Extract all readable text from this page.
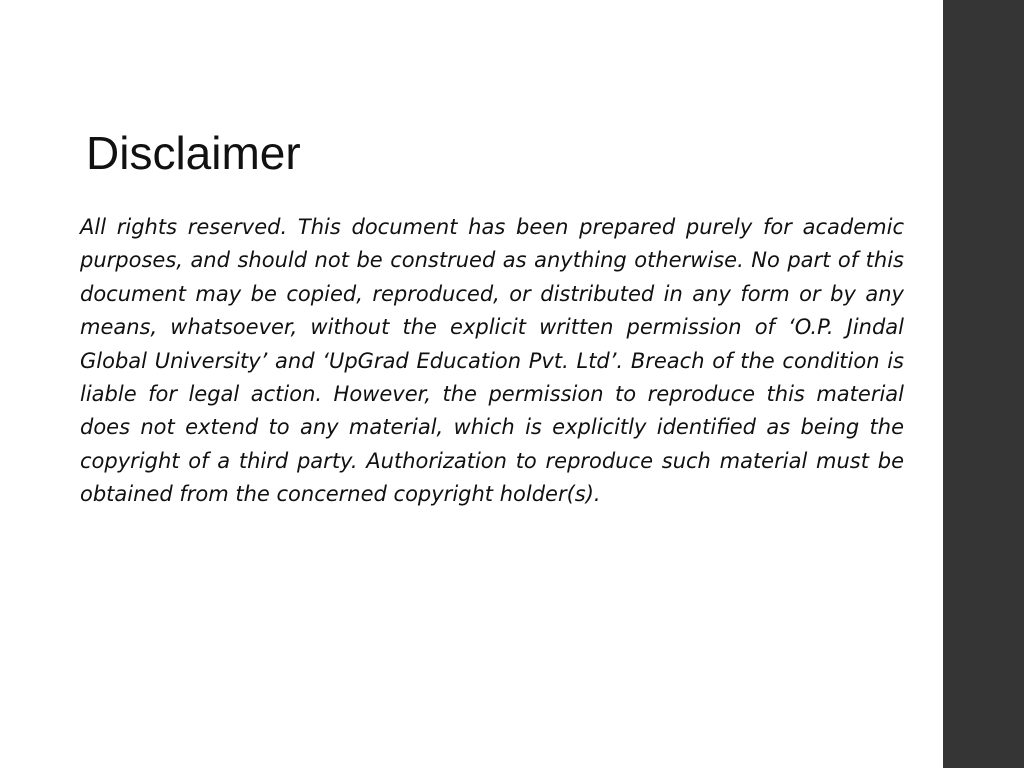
Disclaimer

All rights reserved. This document has been prepared purely for academic purposes, and should not be construed as anything otherwise. No part of this document may be copied, reproduced, or distributed in any form or by any means, whatsoever, without the explicit written permission of ‘O.P. Jindal Global University’ and ‘UpGrad Education Pvt. Ltd’. Breach of the condition is liable for legal action. However, the permission to reproduce this material does not extend to any material, which is explicitly identified as being the copyright of a third party. Authorization to reproduce such material must be obtained from the concerned copyright holder(s).
